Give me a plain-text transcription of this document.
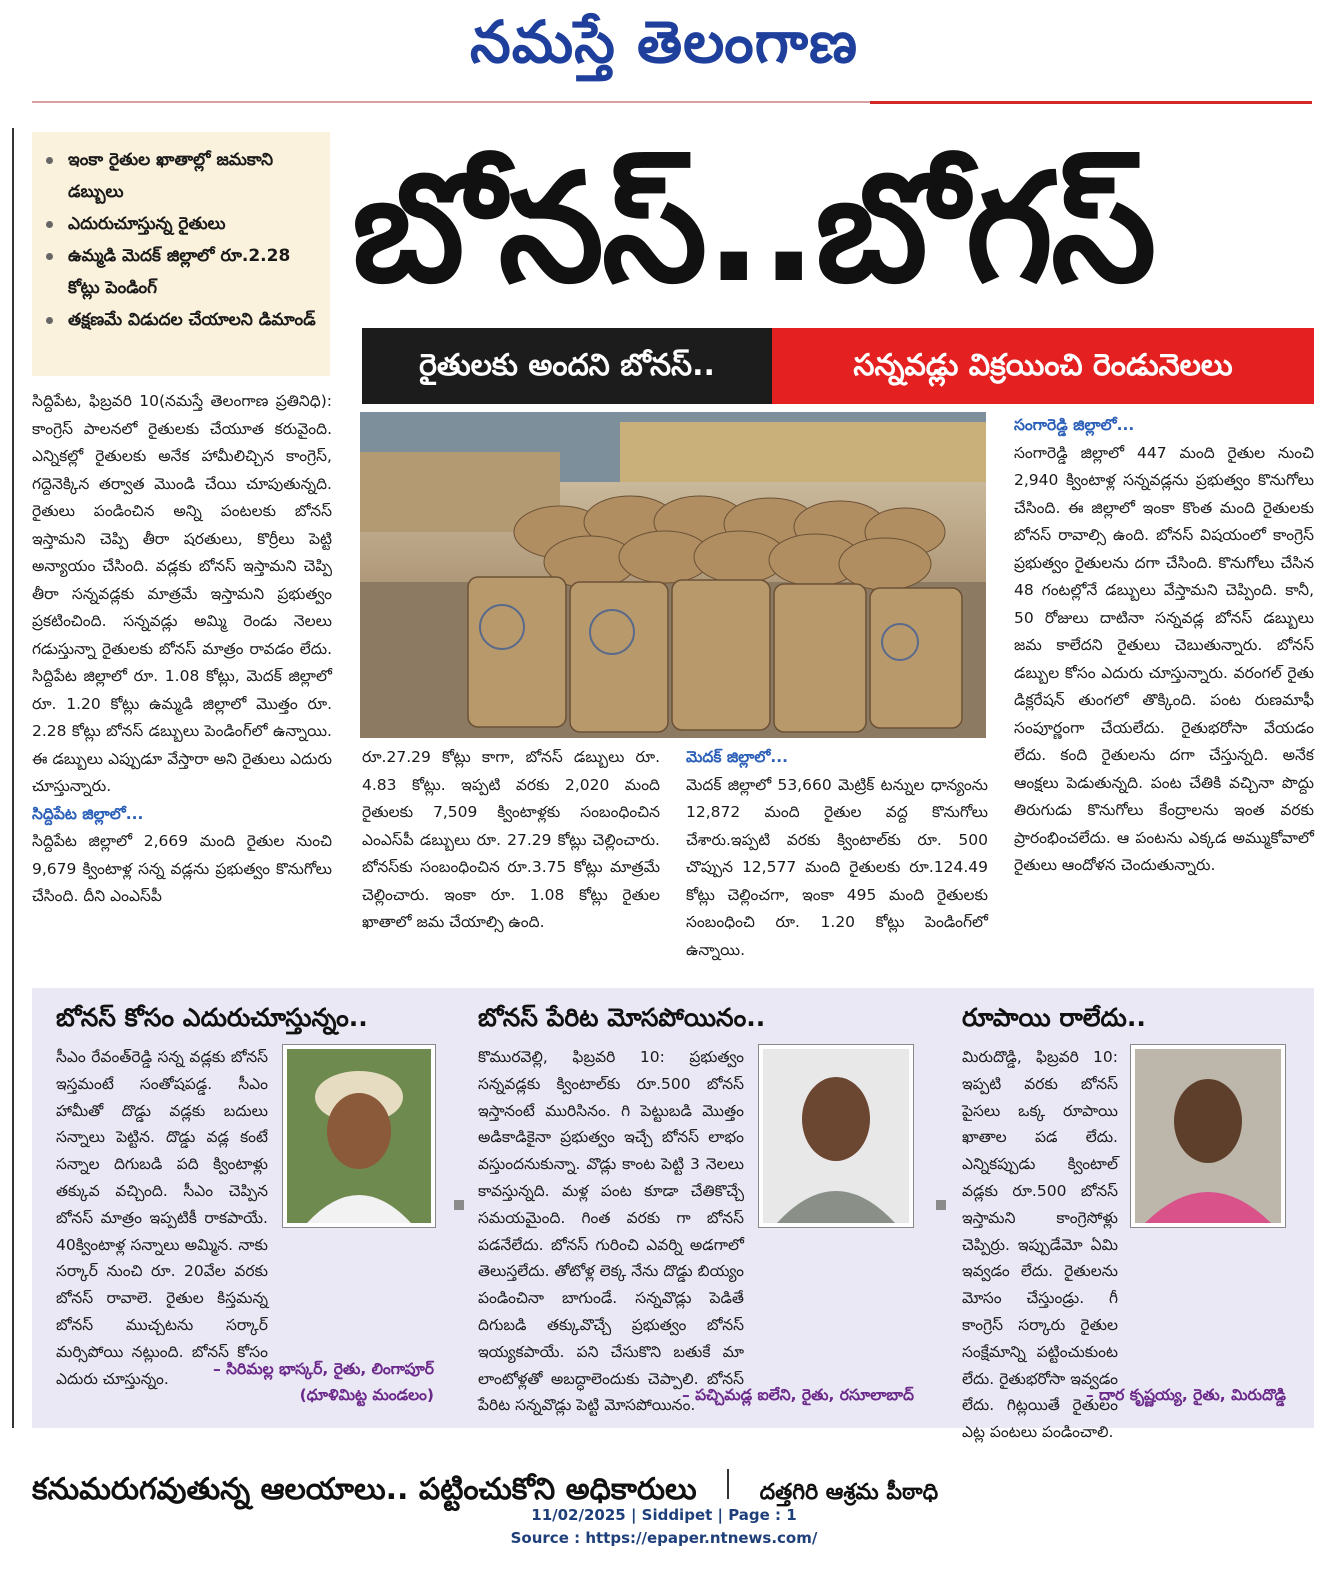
నమస్తే తెలంగాణ
ఇంకా రైతుల ఖాతాల్లో జమకాని డబ్బులు
ఎదురుచూస్తున్న రైతులు
ఉమ్మడి మెదక్ జిల్లాలో రూ.2.28 కోట్లు పెండింగ్
తక్షణమే విడుదల చేయాలని డిమాండ్
బోనస్..బోగస్
రైతులకు అందని బోనస్..	సన్నవడ్లు విక్రయించి రెండునెలలు

సిద్దిపేట, ఫిబ్రవరి 10(నమస్తే తెలంగాణ ప్రతినిధి): కాంగ్రెస్ పాలనలో రైతులకు చేయూత కరువైంది. ఎన్నికల్లో రైతులకు అనేక హామీలిచ్చిన కాంగ్రెస్, గద్దెనెక్కిన తర్వాత మొండి చేయి చూపుతున్నది. రైతులు పండించిన అన్ని పంటలకు బోనస్ ఇస్తామని చెప్పి తీరా షరతులు, కొర్రీలు పెట్టి అన్యాయం చేసింది. వడ్లకు బోనస్ ఇస్తామని చెప్పి తీరా సన్నవడ్లకు మాత్రమే ఇస్తామని ప్రభుత్వం ప్రకటించింది. సన్నవడ్లు అమ్మి రెండు నెలలు గడుస్తున్నా రైతులకు బోనస్ మాత్రం రావడం లేదు. సిద్దిపేట జిల్లాలో రూ. 1.08 కోట్లు, మెదక్ జిల్లాలో రూ. 1.20 కోట్లు ఉమ్మడి జిల్లాలో మొత్తం రూ. 2.28 కోట్లు బోనస్ డబ్బులు పెండింగ్‌లో ఉన్నాయి. ఈ డబ్బులు ఎప్పుడూ వేస్తారా అని రైతులు ఎదురు చూస్తున్నారు.

సిద్దిపేట జిల్లాలో...

సిద్దిపేట జిల్లాలో 2,669 మంది రైతుల నుంచి 9,679 క్వింటాళ్ల సన్న వడ్లను ప్రభుత్వం కొనుగోలు చేసింది. దీని ఎంఎస్‌పీ

రూ.27.29 కోట్లు కాగా, బోనస్ డబ్బులు రూ. 4.83 కోట్లు. ఇప్పటి వరకు 2,020 మంది రైతులకు 7,509 క్వింటాళ్లకు సంబంధించిన ఎంఎస్‌పీ డబ్బులు రూ. 27.29 కోట్లు చెల్లించారు. బోనస్‌కు సంబంధించిన రూ.3.75 కోట్లు మాత్రమే చెల్లించారు. ఇంకా రూ. 1.08 కోట్లు రైతుల ఖాతాలో జమ చేయాల్సి ఉంది.

మెదక్ జిల్లాలో...

మెదక్ జిల్లాలో 53,660 మెట్రిక్ టన్నుల ధాన్యంను 12,872 మంది రైతుల వద్ద కొనుగోలు చేశారు.ఇప్పటి వరకు క్వింటాల్‌కు రూ. 500 చొప్పున 12,577 మంది రైతులకు రూ.124.49 కోట్లు చెల్లించగా, ఇంకా 495 మంది రైతులకు సంబంధించి రూ. 1.20 కోట్లు పెండింగ్‌లో ఉన్నాయి.

సంగారెడ్డి జిల్లాలో...

సంగారెడ్డి జిల్లాలో 447 మంది రైతుల నుంచి 2,940 క్వింటాళ్ల సన్నవడ్లను ప్రభుత్వం కొనుగోలు చేసింది. ఈ జిల్లాలో ఇంకా కొంత మంది రైతులకు బోనస్ రావాల్సి ఉంది. బోనస్ విషయంలో కాంగ్రెస్ ప్రభుత్వం రైతులను దగా చేసింది. కొనుగోలు చేసిన 48 గంటల్లోనే డబ్బులు వేస్తామని చెప్పింది. కానీ, 50 రోజులు దాటినా సన్నవడ్ల బోనస్ డబ్బులు జమ కాలేదని రైతులు చెబుతున్నారు. బోనస్ డబ్బుల కోసం ఎదురు చూస్తున్నారు. వరంగల్ రైతు డిక్లరేషన్ తుంగలో తొక్కింది. పంట రుణమాఫీ సంపూర్ణంగా చేయలేదు. రైతుభరోసా వేయడం లేదు. కంది రైతులను దగా చేస్తున్నది. అనేక ఆంక్షలు పెడుతున్నది. పంట చేతికి వచ్చినా పొద్దు తిరుగుడు కొనుగోలు కేంద్రాలను ఇంత వరకు ప్రారంభించలేదు. ఆ పంటను ఎక్కడ అమ్ముకోవాలో రైతులు ఆందోళన చెందుతున్నారు.

బోనస్ కోసం ఎదురుచూస్తున్నం..
సీఎం రేవంత్‌రెడ్డి సన్న వడ్లకు బోనస్ ఇస్తమంటే సంతోషపడ్డ. సీఎం హామీతో దొడ్డు వడ్లకు బదులు సన్నాలు పెట్టిన. దొడ్డు వడ్ల కంటే సన్నాల దిగుబడి పది క్వింటాళ్లు తక్కువ వచ్చింది. సీఎం చెప్పిన బోనస్ మాత్రం ఇప్పటికీ రాకపాయే. 40క్వింటాళ్ల సన్నాలు అమ్మిన. నాకు సర్కార్ నుంచి రూ. 20వేల వరకు బోనస్ రావాలె. రైతుల కిస్తమన్న బోనస్ ముచ్చటను సర్కార్ మర్సిపోయి నట్లుంది. బోనస్ కోసం ఎదురు చూస్తున్నం.
– సిరిమల్ల భాస్కర్, రైతు, లింగాపూర్
(ధూళిమిట్ట మండలం)
బోనస్ పేరిట మోసపోయినం..
కొమురవెల్లి, ఫిబ్రవరి 10: ప్రభుత్వం సన్నవడ్లకు క్వింటాల్‌కు రూ.500 బోనస్ ఇస్తానంటే మురిసినం. గి పెట్టుబడి మొత్తం అడికాడికైనా ప్రభుత్వం ఇచ్చే బోనస్ లాభం వస్తుందనుకున్నా. వొడ్లు కాంట పెట్టి 3 నెలలు కావస్తున్నది. మళ్ల పంట కూడా చేతికొచ్చే సమయమైంది. గింత వరకు గా బోనస్ పడనేలేదు. బోనస్ గురించి ఎవర్ని అడగాలో తెలుస్తలేదు. తోటోళ్ల లెక్క నేను దొడ్డు బియ్యం పండించినా బాగుండే. సన్నవొడ్లు పెడితే దిగుబడి తక్కువొచ్చే ప్రభుత్వం బోనస్ ఇయ్యకపాయే. పని చేసుకొని బతుకే మా లాంటోళ్లతో అబద్ధాలెందుకు చెప్పాలి. బోనస్ పేరిట సన్నవొడ్లు పెట్టి మోసపోయినం.
– పచ్చిమడ్ల ఐలేని, రైతు, రసూలాబాద్
రూపాయి రాలేదు..
మిరుదొడ్డి, ఫిబ్రవరి 10: ఇప్పటి వరకు బోనస్ పైసలు ఒక్క రూపాయి ఖాతాల పడ లేదు. ఎన్నికప్పుడు క్వింటాల్ వడ్లకు రూ.500 బోనస్ ఇస్తామని కాంగ్రెసోళ్లు చెప్పిర్రు. ఇప్పుడేమో ఏమి ఇవ్వడం లేదు. రైతులను మోసం చేస్తుండ్రు. గీ కాంగ్రెస్ సర్కారు రైతుల సంక్షేమాన్ని పట్టించుకుంట లేదు. రైతుభరోసా ఇవ్వడం లేదు. గిట్లయితే రైతులం ఎట్ల పంటలు పండించాలి.
– దార కృష్ణయ్య, రైతు, మిరుదొడ్డి
కనుమరుగవుతున్న ఆలయాలు.. పట్టించుకోని అధికారులు	దత్తగిరి ఆశ్రమ పీఠాధి
11/02/2025 | Siddipet | Page : 1
Source : https://epaper.ntnews.com/
